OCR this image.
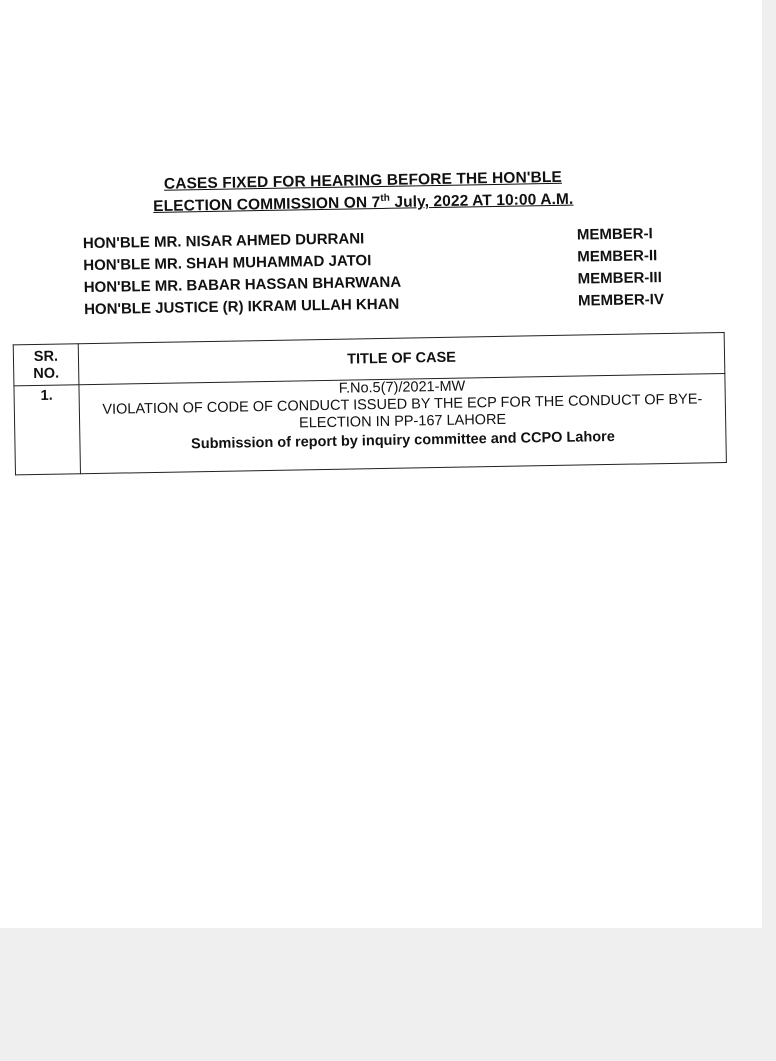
CASES FIXED FOR HEARING BEFORE THE HON'BLE
ELECTION COMMISSION ON 7th July, 2022 AT 10:00 A.M.
HON'BLE MR. NISAR AHMED DURRANI	MEMBER-I
HON'BLE MR. SHAH MUHAMMAD JATOI	MEMBER-II
HON'BLE MR. BABAR HASSAN BHARWANA	MEMBER-III
HON'BLE JUSTICE (R) IKRAM ULLAH KHAN	MEMBER-IV
SR.
NO.	TITLE OF CASE
1.	F.No.5(7)/2021-MW
VIOLATION OF CODE OF CONDUCT ISSUED BY THE ECP FOR THE CONDUCT OF BYE-ELECTION IN PP-167 LAHORE
Submission of report by inquiry committee and CCPO Lahore
